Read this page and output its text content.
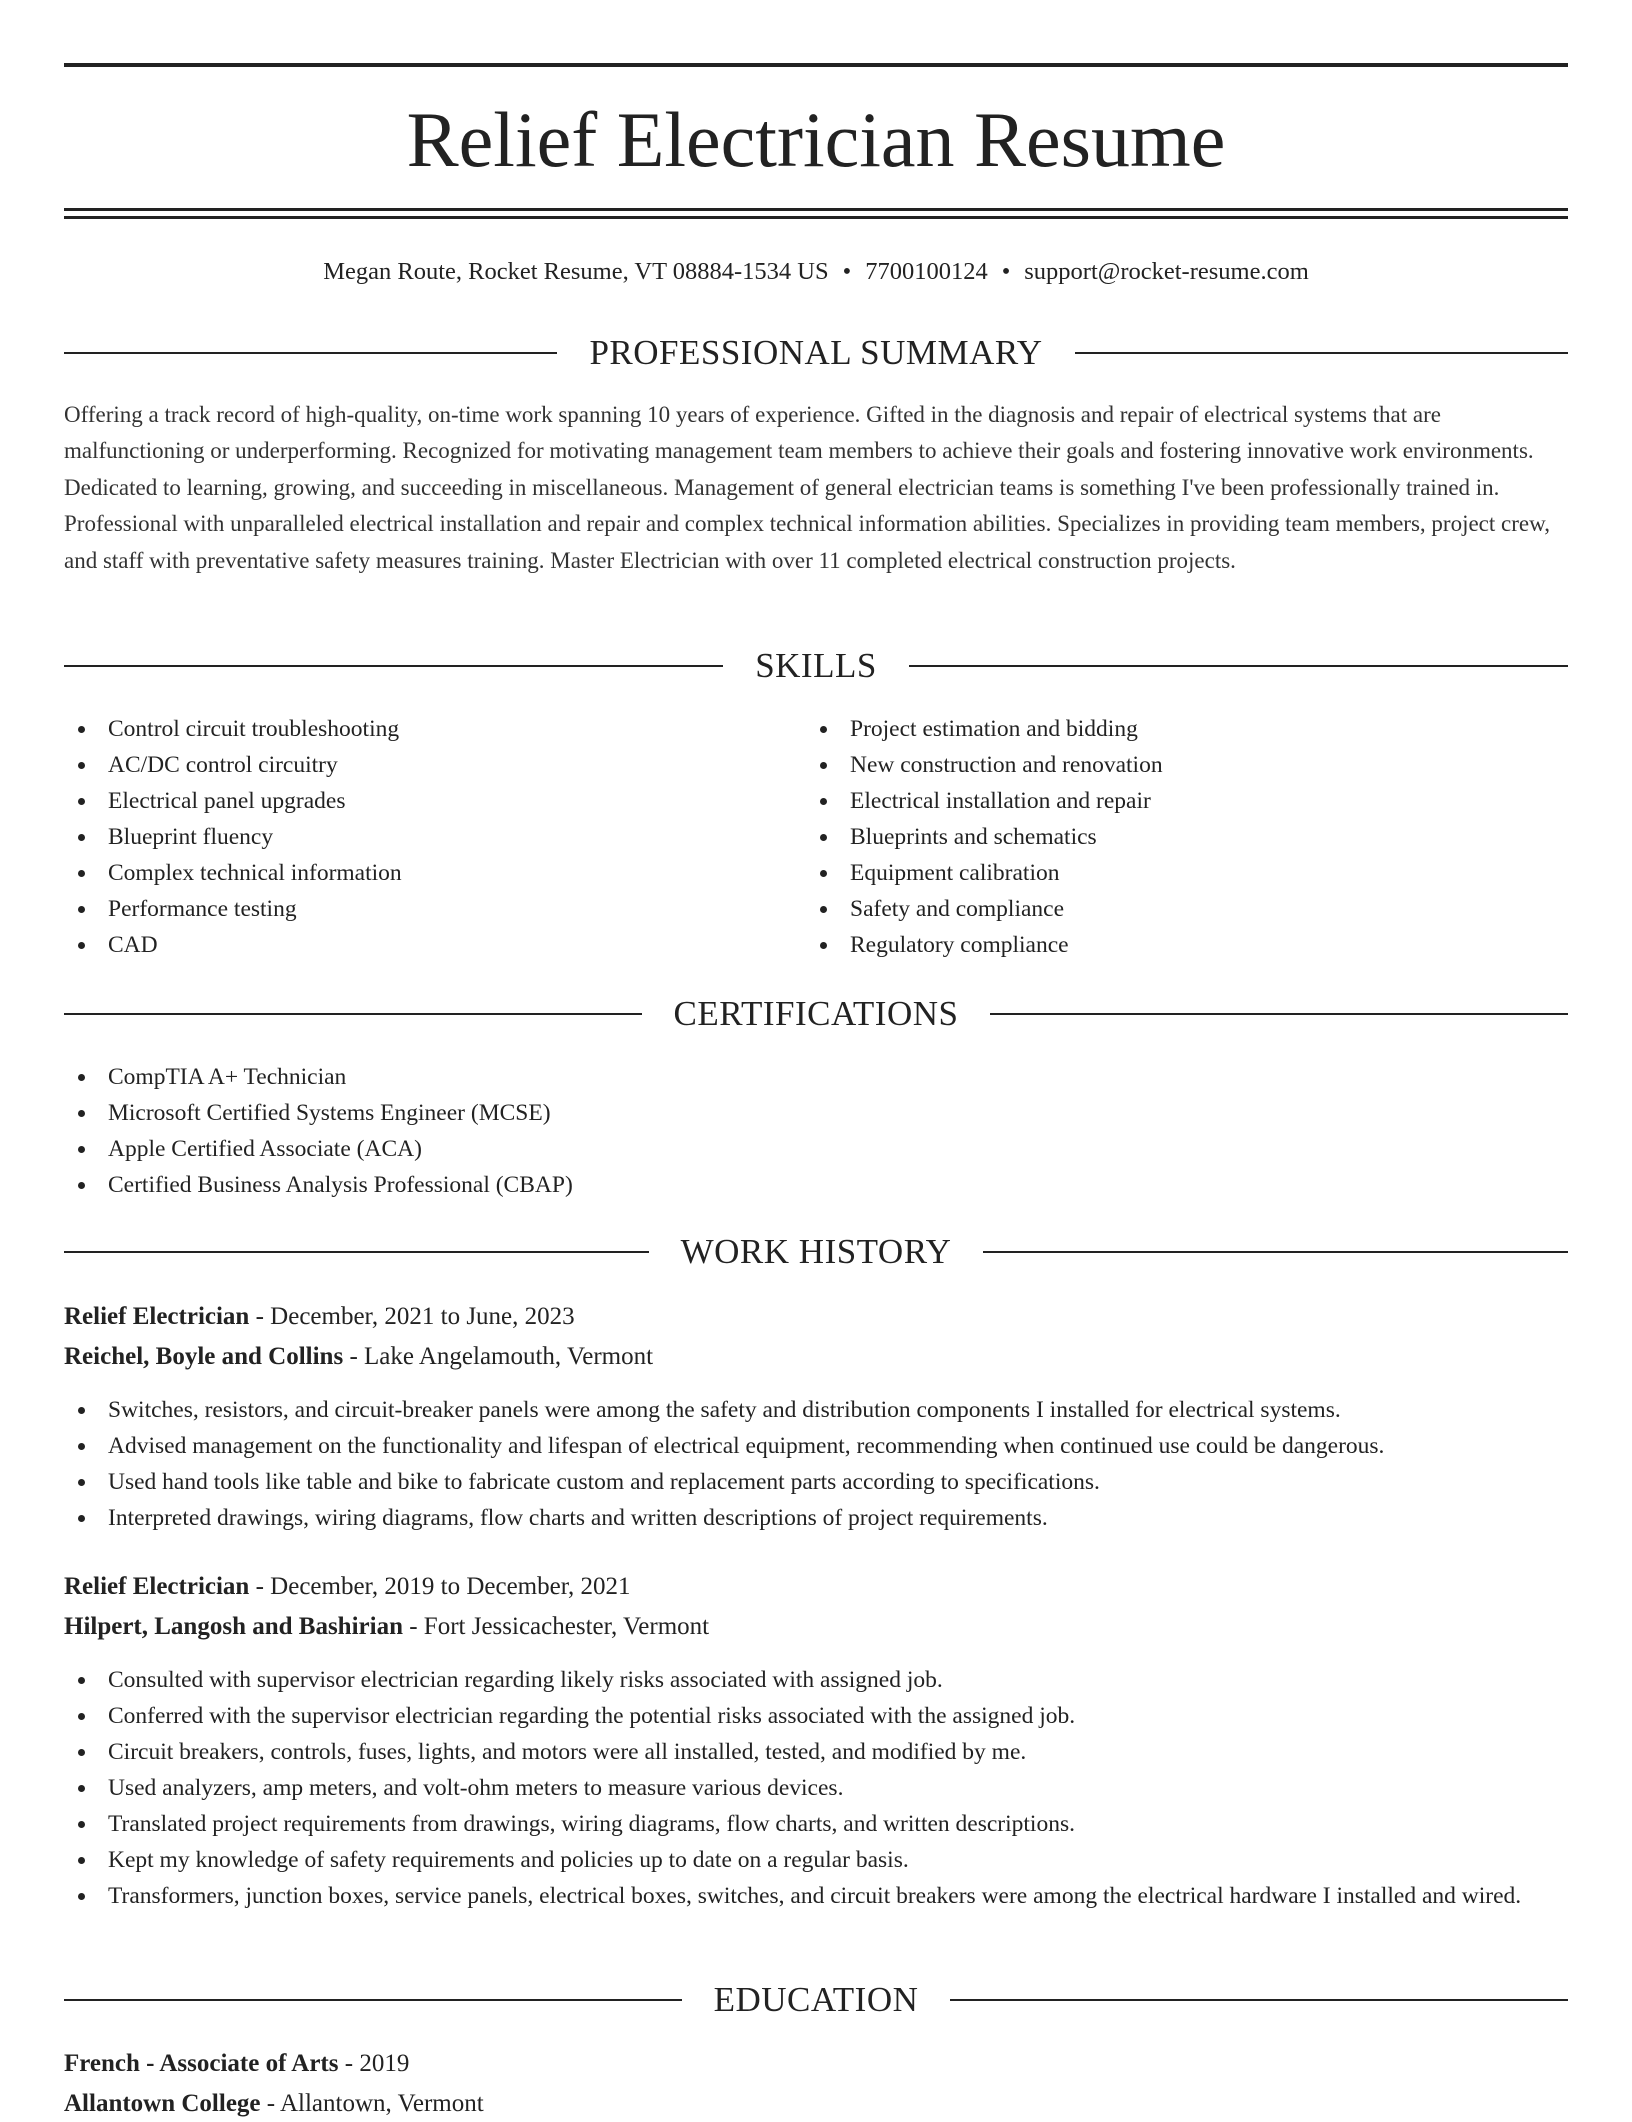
Relief Electrician Resume
Megan Route, Rocket Resume, VT 08884-1534 US • 7700100124 • support@rocket-resume.com
PROFESSIONAL SUMMARY

Offering a track record of high-quality, on-time work spanning 10 years of experience. Gifted in the diagnosis and repair of electrical systems that are malfunctioning or underperforming. Recognized for motivating management team members to achieve their goals and fostering innovative work environments. Dedicated to learning, growing, and succeeding in miscellaneous. Management of general electrician teams is something I've been professionally trained in. Professional with unparalleled electrical installation and repair and complex technical information abilities. Specializes in providing team members, project crew, and staff with preventative safety measures training. Master Electrician with over 11 completed electrical construction projects.

SKILLS
Control circuit troubleshooting
AC/DC control circuitry
Electrical panel upgrades
Blueprint fluency
Complex technical information
Performance testing
CAD
Project estimation and bidding
New construction and renovation
Electrical installation and repair
Blueprints and schematics
Equipment calibration
Safety and compliance
Regulatory compliance
CERTIFICATIONS
CompTIA A+ Technician
Microsoft Certified Systems Engineer (MCSE)
Apple Certified Associate (ACA)
Certified Business Analysis Professional (CBAP)
WORK HISTORY
Relief Electrician - December, 2021 to June, 2023
Reichel, Boyle and Collins - Lake Angelamouth, Vermont
Switches, resistors, and circuit-breaker panels were among the safety and distribution components I installed for electrical systems.
Advised management on the functionality and lifespan of electrical equipment, recommending when continued use could be dangerous.
Used hand tools like table and bike to fabricate custom and replacement parts according to specifications.
Interpreted drawings, wiring diagrams, flow charts and written descriptions of project requirements.
Relief Electrician - December, 2019 to December, 2021
Hilpert, Langosh and Bashirian - Fort Jessicachester, Vermont
Consulted with supervisor electrician regarding likely risks associated with assigned job.
Conferred with the supervisor electrician regarding the potential risks associated with the assigned job.
Circuit breakers, controls, fuses, lights, and motors were all installed, tested, and modified by me.
Used analyzers, amp meters, and volt-ohm meters to measure various devices.
Translated project requirements from drawings, wiring diagrams, flow charts, and written descriptions.
Kept my knowledge of safety requirements and policies up to date on a regular basis.
Transformers, junction boxes, service panels, electrical boxes, switches, and circuit breakers were among the electrical hardware I installed and wired.
EDUCATION
French - Associate of Arts - 2019
Allantown College - Allantown, Vermont
